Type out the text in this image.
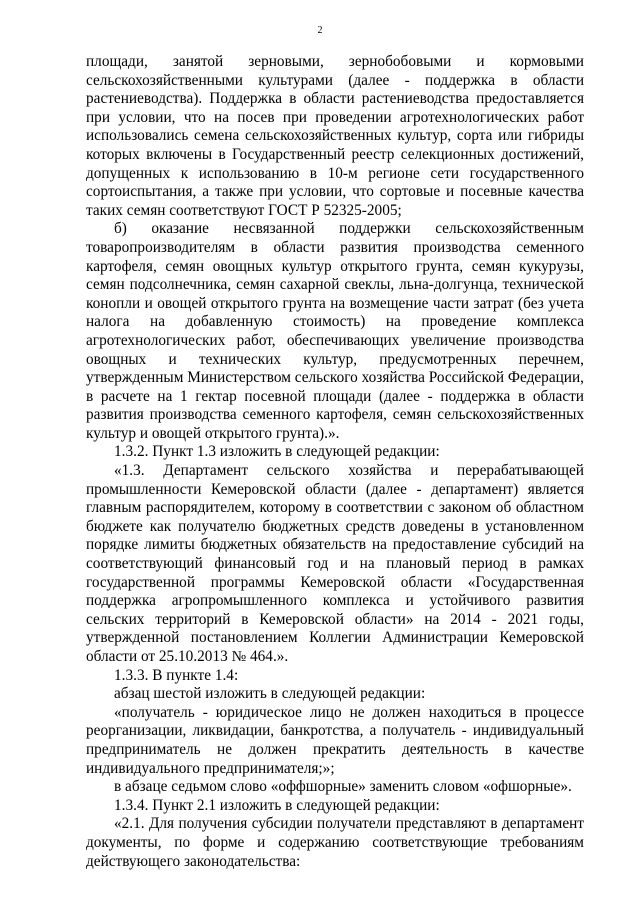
2

площади, занятой зерновыми, зернобобовыми и кормовыми сельскохозяйственными культурами (далее - поддержка в области растениеводства). Поддержка в области растениеводства предоставляется при условии, что на посев при проведении агротехнологических работ использовались семена сельскохозяйственных культур, сорта или гибриды которых включены в Государственный реестр селекционных достижений, допущенных к использованию в 10-м регионе сети государственного сортоиспытания, а также при условии, что сортовые и посевные качества таких семян соответствуют ГОСТ Р 52325-2005;

б) оказание несвязанной поддержки сельскохозяйственным товаропроизводителям в области развития производства семенного картофеля, семян овощных культур открытого грунта, семян кукурузы, семян подсолнечника, семян сахарной свеклы, льна-долгунца, технической конопли и овощей открытого грунта на возмещение части затрат (без учета налога на добавленную стоимость) на проведение комплекса агротехнологических работ, обеспечивающих увеличение производства овощных и технических культур, предусмотренных перечнем, утвержденным Министерством сельского хозяйства Российской Федерации, в расчете на 1 гектар посевной площади (далее - поддержка в области развития производства семенного картофеля, семян сельскохозяйственных культур и овощей открытого грунта).».

1.3.2. Пункт 1.3 изложить в следующей редакции:

«1.3. Департамент сельского хозяйства и перерабатывающей промышленности Кемеровской области (далее - департамент) является главным распорядителем, которому в соответствии с законом об областном бюджете как получателю бюджетных средств доведены в установленном порядке лимиты бюджетных обязательств на предоставление субсидий на соответствующий финансовый год и на плановый период в рамках государственной программы Кемеровской области «Государственная поддержка агропромышленного комплекса и устойчивого развития сельских территорий в Кемеровской области» на 2014 - 2021 годы, утвержденной постановлением Коллегии Администрации Кемеровской области от 25.10.2013 № 464.».

1.3.3. В пункте 1.4:

абзац шестой изложить в следующей редакции:

«получатель - юридическое лицо не должен находиться в процессе реорганизации, ликвидации, банкротства, а получатель - индивидуальный предприниматель не должен прекратить деятельность в качестве индивидуального предпринимателя;»;

в абзаце седьмом слово «оффшорные» заменить словом «офшорные».

1.3.4. Пункт 2.1 изложить в следующей редакции:

«2.1. Для получения субсидии получатели представляют в департамент документы, по форме и содержанию соответствующие требованиям действующего законодательства:
